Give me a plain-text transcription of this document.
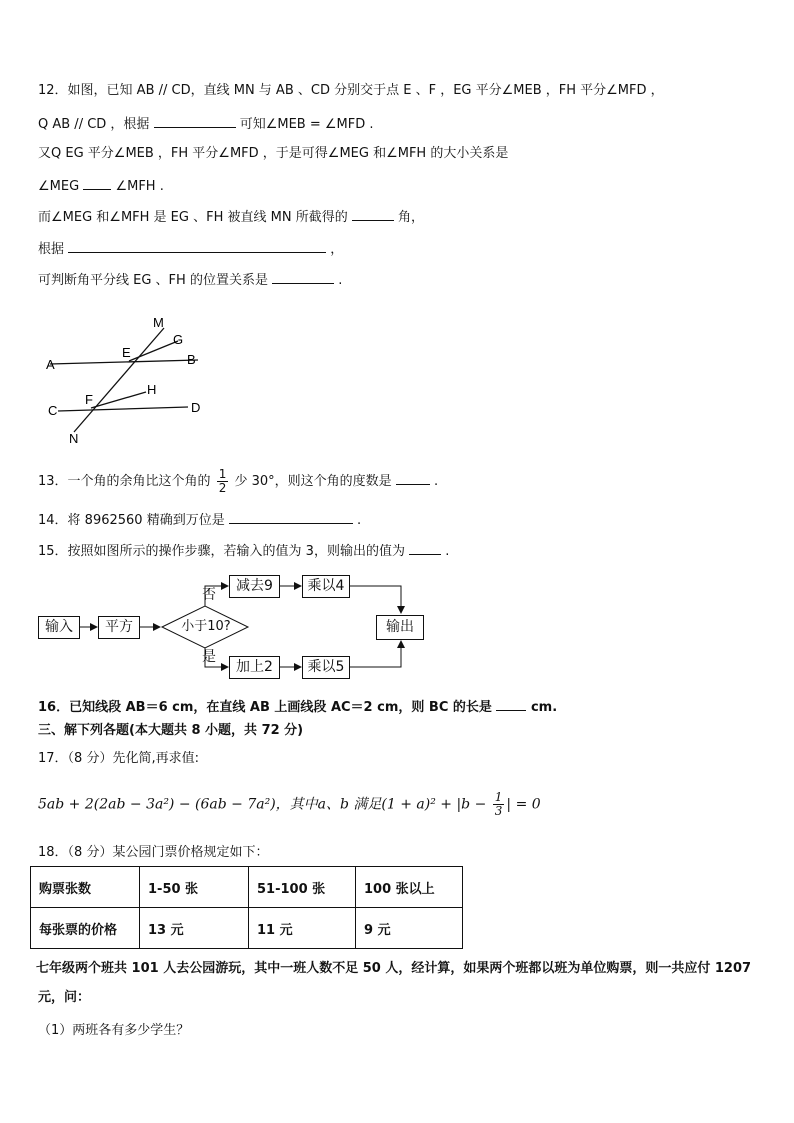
12．如图，已知 AB // CD，直线 MN 与 AB 、CD 分别交于点 E 、F ，EG 平分∠MEB ，FH 平分∠MFD ，
Q AB // CD ，根据	可知∠MEB = ∠MFD .
又Q EG 平分∠MEB ，FH 平分∠MFD ，于是可得∠MEG 和∠MFH 的大小关系是
∠MEG	∠MFH .
而∠MEG 和∠MFH 是 EG 、FH 被直线 MN 所截得的	角，
根据	，
可判断角平分线 EG 、FH 的位置关系是	.
M
G
A
E	B
H
C
F
D
N
13．一个角的余角比这个角的 $\frac{1}{2}$ 少 30°，则这个角的度数是	.
14．将 8962560 精确到万位是	.
15．按照如图所示的操作步骤，若输入的值为 3，则输出的值为	.
输入	平方	小于10?
否
是
减去9	乘以4
加上2	乘以5
输出
16．已知线段 AB＝6 cm，在直线 AB 上画线段 AC＝2 cm，则 BC 的长是	cm.
三、解下列各题(本大题共 8 小题，共 72 分)
17．（8 分）先化简,再求值:
5ab + 2(2ab − 3a²) − (6ab − 7a²)，其中a、b 满足$(1 + a)^2 + |b - \frac{1}{3}$ | = 0
18．（8 分）某公园门票价格规定如下：
购票张数	1-50 张	51-100 张	100 张以上
每张票的价格	13 元	11 元	9 元
七年级两个班共 101 人去公园游玩，其中一班人数不足 50 人，经计算，如果两个班都以班为单位购票，则一共应付 1207
元，问：
（1）两班各有多少学生？
